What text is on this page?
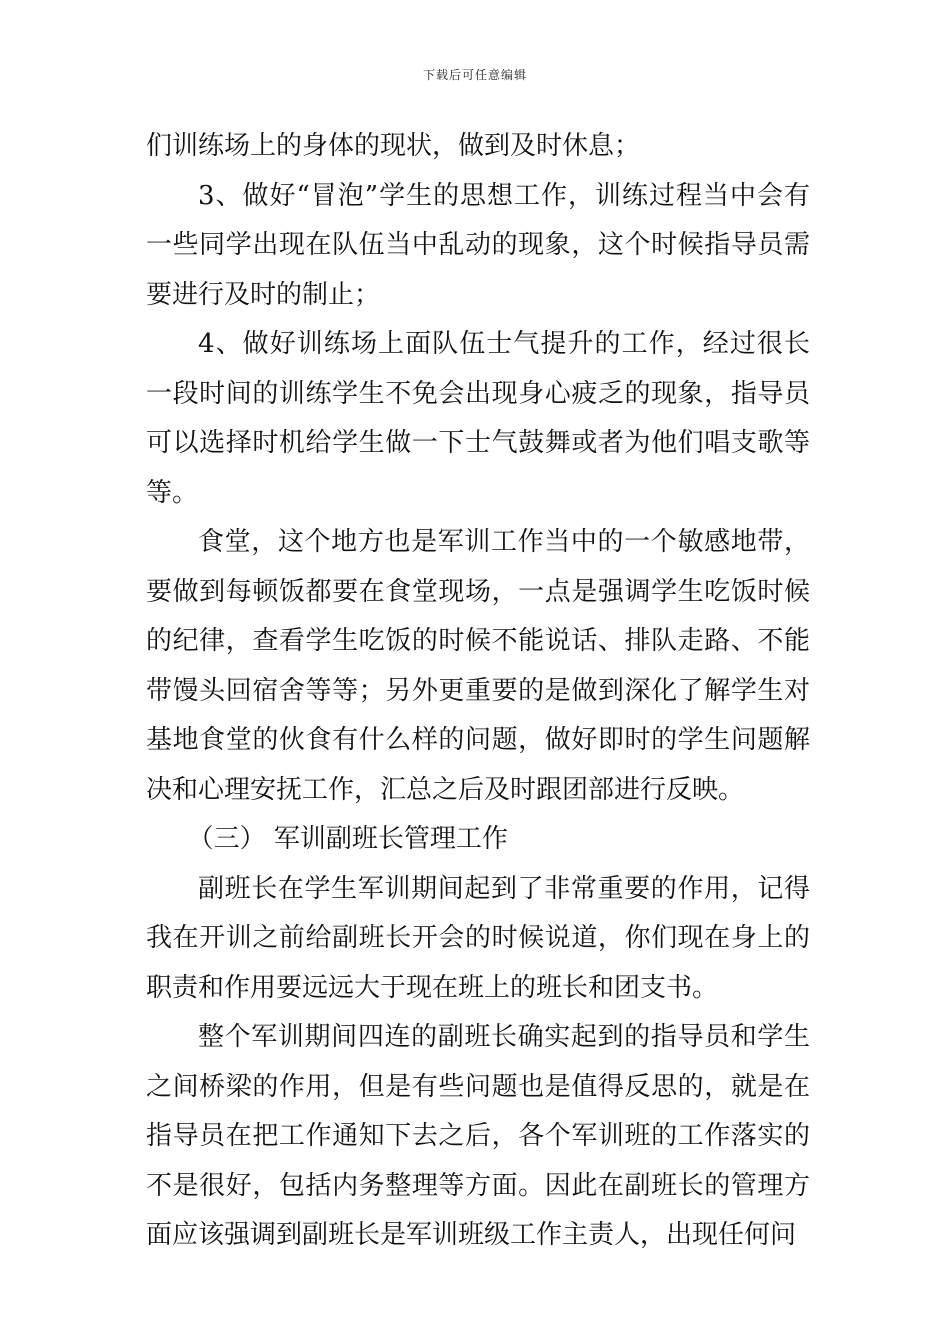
下载后可任意编辑

们训练场上的身体的现状，做到及时休息；

3、做好“冒泡”学生的思想工作，训练过程当中会有一些同学出现在队伍当中乱动的现象，这个时候指导员需要进行及时的制止；

4、做好训练场上面队伍士气提升的工作，经过很长一段时间的训练学生不免会出现身心疲乏的现象，指导员可以选择时机给学生做一下士气鼓舞或者为他们唱支歌等等。

食堂，这个地方也是军训工作当中的一个敏感地带，要做到每顿饭都要在食堂现场，一点是强调学生吃饭时候的纪律，查看学生吃饭的时候不能说话、排队走路、不能带馒头回宿舍等等；另外更重要的是做到深化了解学生对基地食堂的伙食有什么样的问题，做好即时的学生问题解决和心理安抚工作，汇总之后及时跟团部进行反映。

（三） 军训副班长管理工作

副班长在学生军训期间起到了非常重要的作用，记得我在开训之前给副班长开会的时候说道，你们现在身上的职责和作用要远远大于现在班上的班长和团支书。

整个军训期间四连的副班长确实起到的指导员和学生之间桥梁的作用，但是有些问题也是值得反思的，就是在指导员在把工作通知下去之后，各个军训班的工作落实的不是很好，包括内务整理等方面。因此在副班长的管理方面应该强调到副班长是军训班级工作主责人，出现任何问
